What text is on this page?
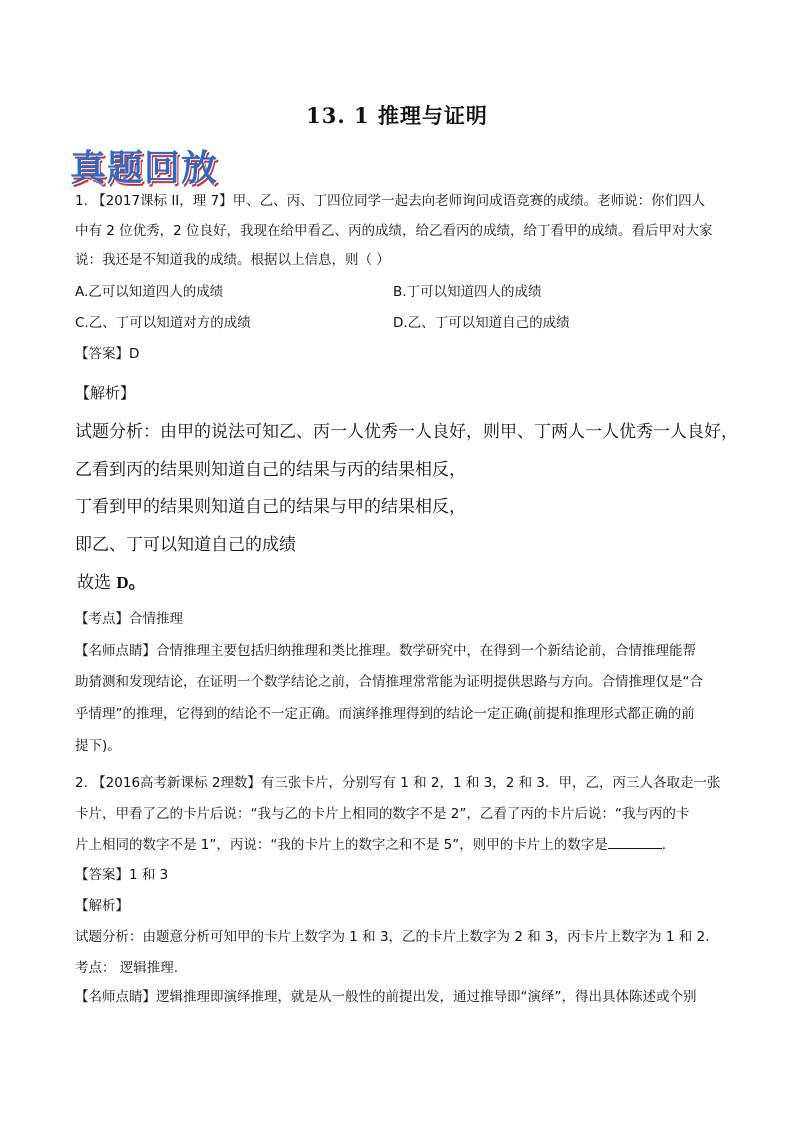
13. 1 推理与证明
真题回放
1. 【2017课标 II，理 7】甲、乙、丙、丁四位同学一起去向老师询问成语竞赛的成绩。老师说：你们四人
中有 2 位优秀，2 位良好，我现在给甲看乙、丙的成绩，给乙看丙的成绩，给丁看甲的成绩。看后甲对大家
说：我还是不知道我的成绩。根据以上信息，则（ ）
A.乙可以知道四人的成绩	B.丁可以知道四人的成绩
C.乙、丁可以知道对方的成绩	D.乙、丁可以知道自己的成绩
【答案】D
【解析】
试题分析：由甲的说法可知乙、丙一人优秀一人良好，则甲、丁两人一人优秀一人良好，
乙看到丙的结果则知道自己的结果与丙的结果相反，
丁看到甲的结果则知道自己的结果与甲的结果相反，
即乙、丁可以知道自己的成绩
故选 D。
【考点】合情推理
【名师点睛】合情推理主要包括归纳推理和类比推理。数学研究中，在得到一个新结论前，合情推理能帮
助猜测和发现结论，在证明一个数学结论之前，合情推理常常能为证明提供思路与方向。合情推理仅是“合
乎情理”的推理，它得到的结论不一定正确。而演绎推理得到的结论一定正确(前提和推理形式都正确的前
提下)。
2. 【2016高考新课标 2理数】有三张卡片，分别写有 1 和 2，1 和 3，2 和 3．甲，乙，丙三人各取走一张
卡片，甲看了乙的卡片后说：“我与乙的卡片上相同的数字不是 2”，乙看了丙的卡片后说：“我与丙的卡
片上相同的数字不是 1”，丙说：“我的卡片上的数字之和不是 5”，则甲的卡片上的数字是	.
【答案】1 和 3
【解析】
试题分析：由题意分析可知甲的卡片上数字为 1 和 3，乙的卡片上数字为 2 和 3，丙卡片上数字为 1 和 2.
考点： 逻辑推理.
【名师点睛】逻辑推理即演绎推理，就是从一般性的前提出发，通过推导即“演绎”，得出具体陈述或个别
